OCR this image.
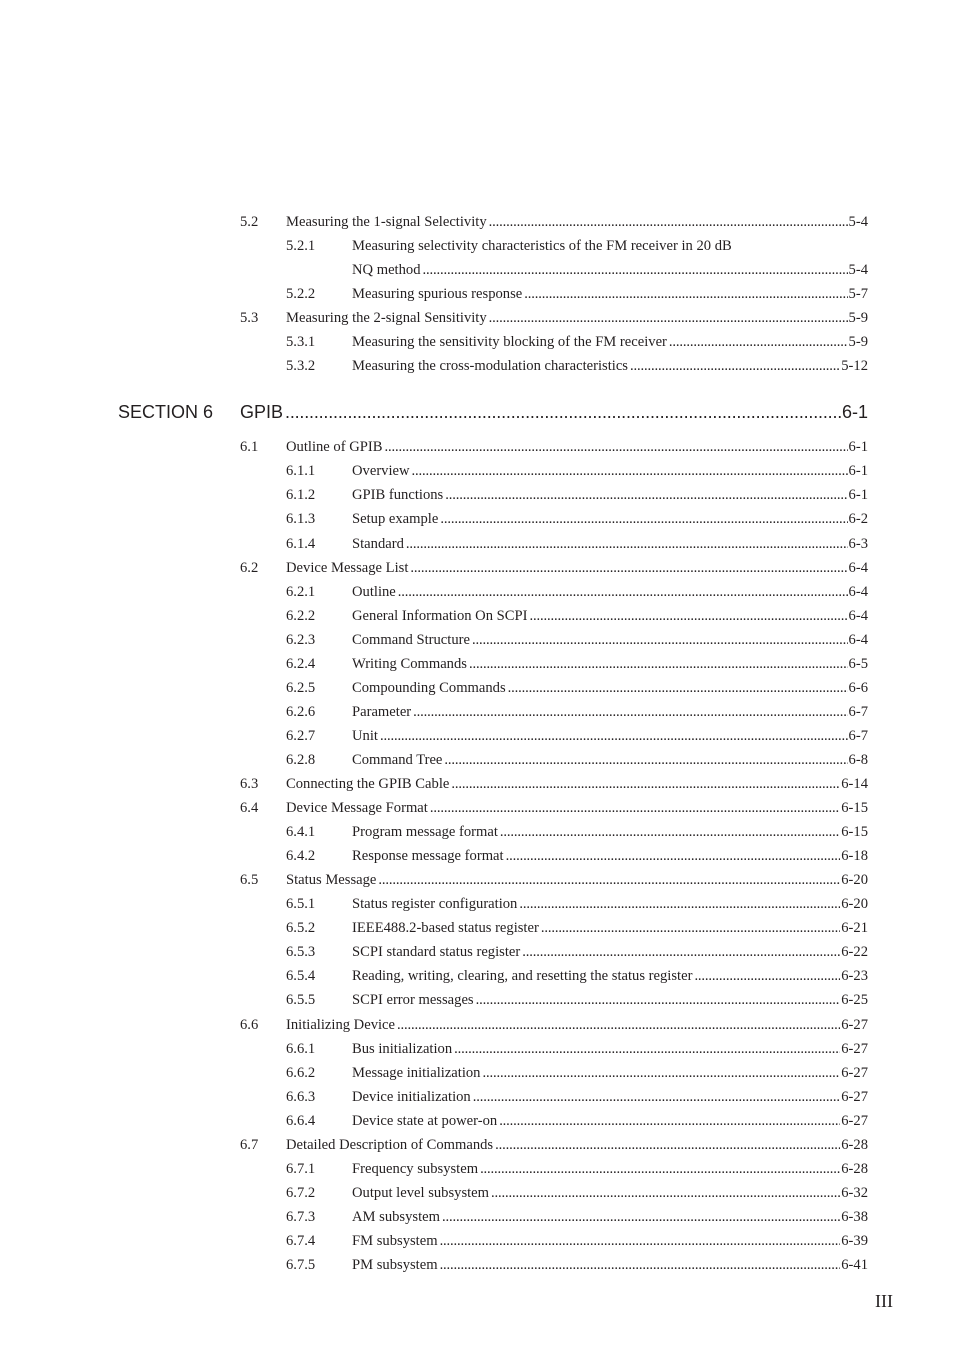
5.2 Measuring the 1-signal Selectivity . . .	5-4
5.2.1	Measuring selectivity characteristics of the FM receiver in 20 dB
NQ method . . .	5-4
5.2.2	Measuring spurious response . . .	5-7
5.3 Measuring the 2-signal Sensitivity . . .	5-9
5.3.1	Measuring the sensitivity blocking of the FM receiver . . .	5-9
5.3.2	Measuring the cross-modulation characteristics . . .	5-12
SECTION 6 GPIB . . .	6-1
6.1 Outline of GPIB . . .	6-1
6.1.1	Overview . . .	6-1
6.1.2	GPIB functions . . .	6-1
6.1.3	Setup example . . .	6-2
6.1.4	Standard . . .	6-3
6.2 Device Message List . . .	6-4
6.2.1	Outline . . .	6-4
6.2.2	General Information On SCPI . . .	6-4
6.2.3	Command Structure . . .	6-4
6.2.4	Writing Commands . . .	6-5
6.2.5	Compounding Commands . . .	6-6
6.2.6	Parameter . . .	6-7
6.2.7	Unit . . .	6-7
6.2.8	Command Tree . . .	6-8
6.3 Connecting the GPIB Cable . . .	6-14
6.4 Device Message Format . . .	6-15
6.4.1	Program message format . . .	6-15
6.4.2	Response message format . . .	6-18
6.5 Status Message . . .	6-20
6.5.1	Status register configuration . . .	6-20
6.5.2	IEEE488.2-based status register . . .	6-21
6.5.3	SCPI standard status register . . .	6-22
6.5.4	Reading, writing, clearing, and resetting the status register . . .	6-23
6.5.5	SCPI error messages . . .	6-25
6.6 Initializing Device . . .	6-27
6.6.1	Bus initialization . . .	6-27
6.6.2	Message initialization . . .	6-27
6.6.3	Device initialization . . .	6-27
6.6.4	Device state at power-on . . .	6-27
6.7 Detailed Description of Commands . . .	6-28
6.7.1	Frequency subsystem . . .	6-28
6.7.2	Output level subsystem . . .	6-32
6.7.3	AM subsystem . . .	6-38
6.7.4	FM subsystem . . .	6-39
6.7.5	PM subsystem . . .	6-41
III
